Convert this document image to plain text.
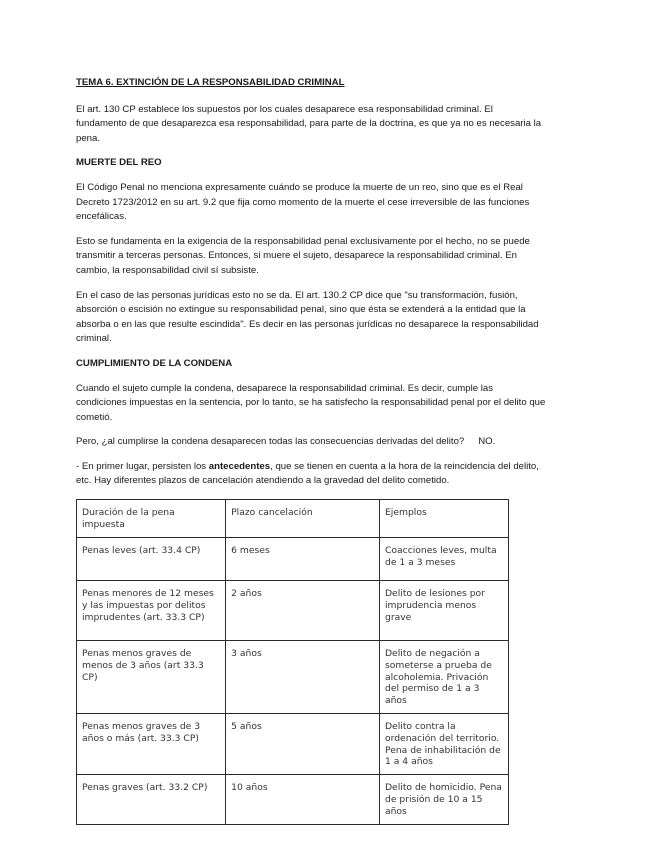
TEMA 6. EXTINCIÓN DE LA RESPONSABILIDAD CRIMINAL

El art. 130 CP establece los supuestos por los cuales desaparece esa responsabilidad criminal. El fundamento de que desaparezca esa responsabilidad, para parte de la doctrina, es que ya no es necesaria la pena.

MUERTE DEL REO

El Código Penal no menciona expresamente cuándo se produce la muerte de un reo, sino que es el Real Decreto 1723/2012 en su art. 9.2 que fija como momento de la muerte el cese irreversible de las funciones encefálicas.

Esto se fundamenta en la exigencia de la responsabilidad penal exclusivamente por el hecho, no se puede transmitir a terceras personas. Entonces, si muere el sujeto, desaparece la responsabilidad criminal. En cambio, la responsabilidad civil sí subsiste.

En el caso de las personas jurídicas esto no se da. El art. 130.2 CP dice que "su transformación, fusión, absorción o escisión no extingue su responsabilidad penal, sino que ésta se extenderá a la entidad que la absorba o en las que resulte escindida". Es decir en las personas jurídicas no desaparece la responsabilidad criminal.

CUMPLIMIENTO DE LA CONDENA

Cuando el sujeto cumple la condena, desaparece la responsabilidad criminal. Es decir, cumple las condiciones impuestas en la sentencia, por lo tanto, se ha satisfecho la responsabilidad penal por el delito que cometió.

Pero, ¿al cumplirse la condena desaparecen todas las consecuencias derivadas del delito? NO.

- En primer lugar, persisten los antecedentes, que se tienen en cuenta a la hora de la reincidencia del delito, etc. Hay diferentes plazos de cancelación atendiendo a la gravedad del delito cometido.

Duración de la pena impuesta	Plazo cancelación	Ejemplos
Penas leves (art. 33.4 CP)	6 meses	Coacciones leves, multa de 1 a 3 meses
Penas menores de 12 meses y las impuestas por delitos imprudentes (art. 33.3 CP)	2 años	Delito de lesiones por imprudencia menos grave
Penas menos graves de menos de 3 años (art 33.3 CP)	3 años	Delito de negación a someterse a prueba de alcoholemia. Privación del permiso de 1 a 3 años
Penas menos graves de 3 años o más (art. 33.3 CP)	5 años	Delito contra la ordenación del territorio. Pena de inhabilitación de 1 a 4 años
Penas graves (art. 33.2 CP)	10 años	Delito de homicidio. Pena de prisión de 10 a 15 años
